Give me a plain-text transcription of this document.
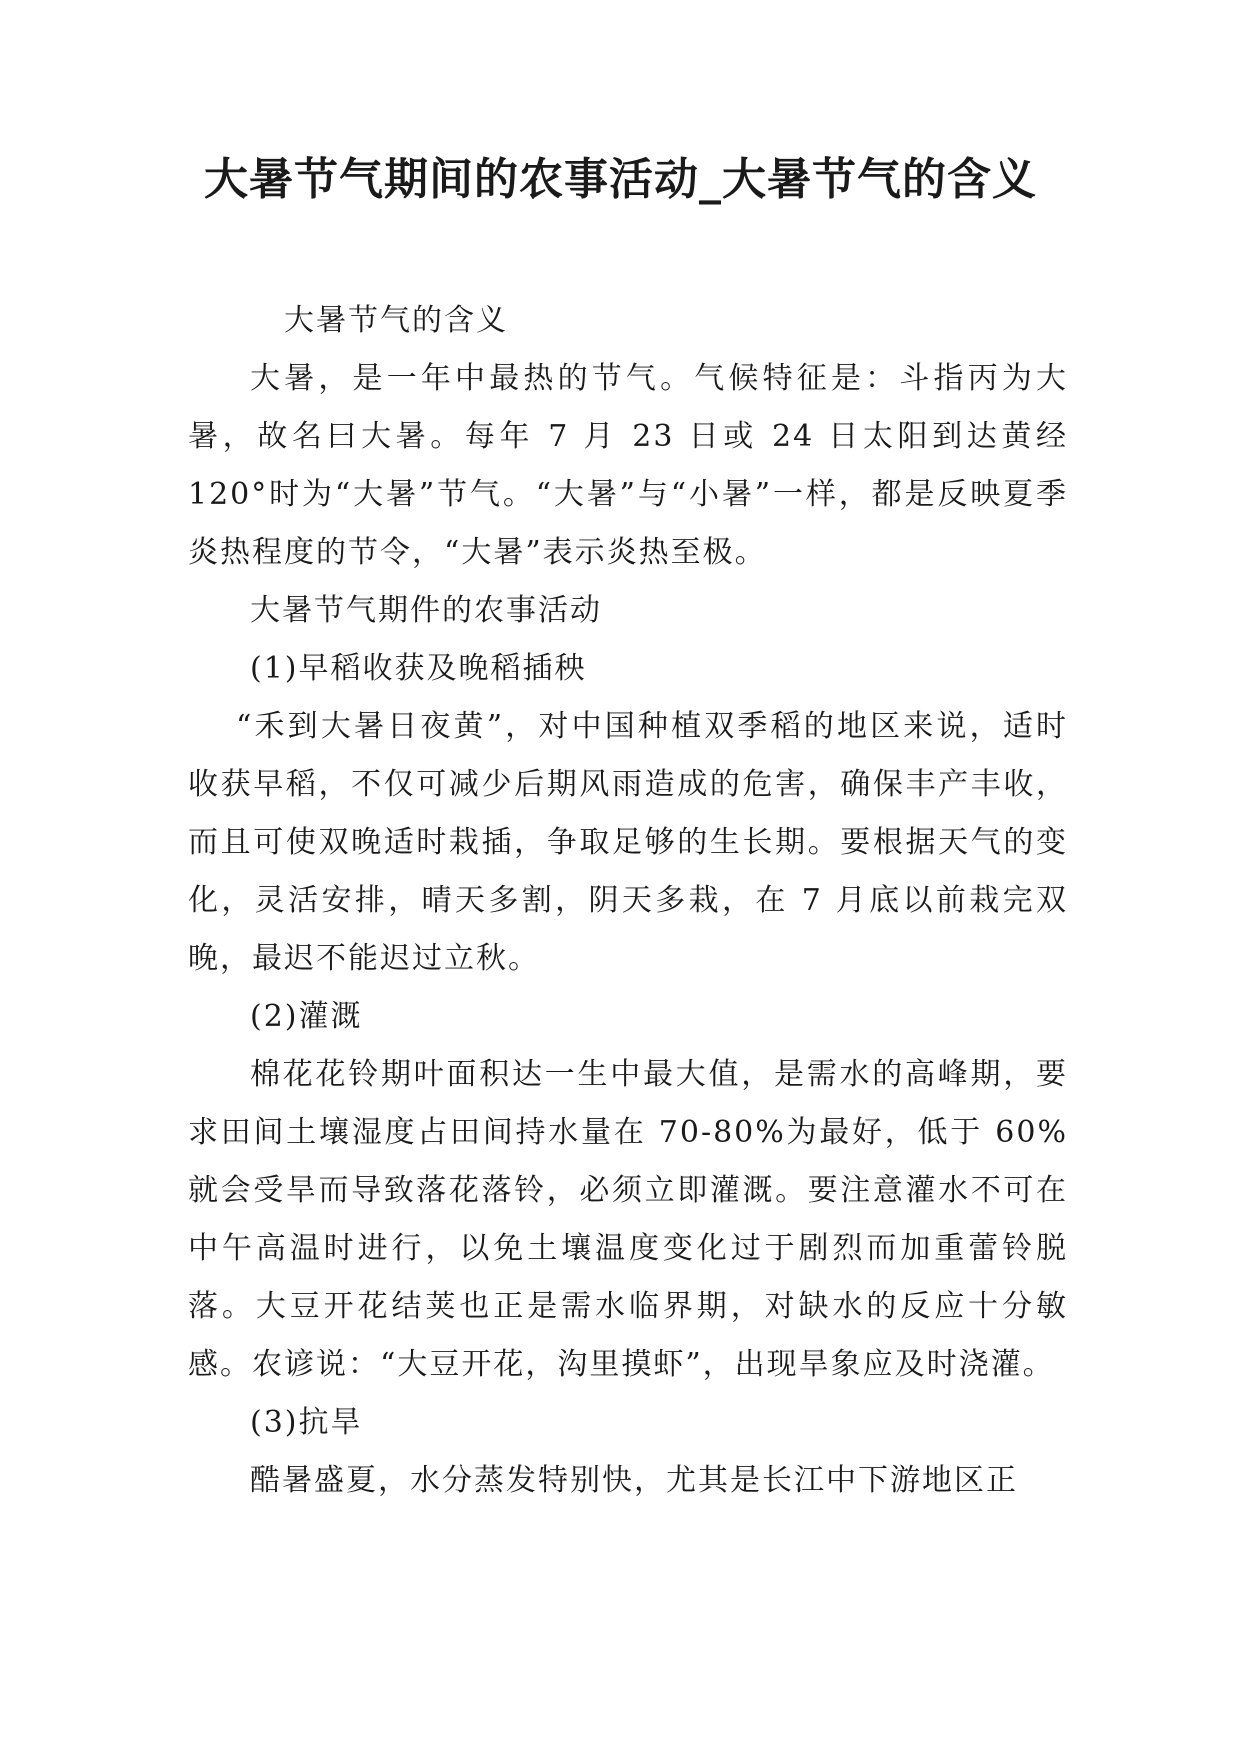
大暑节气期间的农事活动_大暑节气的含义

大暑节气的含义

大暑，是一年中最热的节气。气候特征是：斗指丙为大暑，故名曰大暑。每年 7 月 23 日或 24 日太阳到达黄经 120°时为“大暑”节气。“大暑”与“小暑”一样，都是反映夏季炎热程度的节令，“大暑”表示炎热至极。

大暑节气期件的农事活动

(1)早稻收获及晚稻插秧

“禾到大暑日夜黄”，对中国种植双季稻的地区来说，适时收获早稻，不仅可减少后期风雨造成的危害，确保丰产丰收，而且可使双晚适时栽插，争取足够的生长期。要根据天气的变化，灵活安排，晴天多割，阴天多栽，在 7 月底以前栽完双晚，最迟不能迟过立秋。

(2)灌溉

棉花花铃期叶面积达一生中最大值，是需水的高峰期，要求田间土壤湿度占田间持水量在 70-80%为最好，低于 60%就会受旱而导致落花落铃，必须立即灌溉。要注意灌水不可在中午高温时进行，以免土壤温度变化过于剧烈而加重蕾铃脱落。大豆开花结荚也正是需水临界期，对缺水的反应十分敏感。农谚说：“大豆开花，沟里摸虾”，出现旱象应及时浇灌。

(3)抗旱

酷暑盛夏，水分蒸发特别快，尤其是长江中下游地区正
